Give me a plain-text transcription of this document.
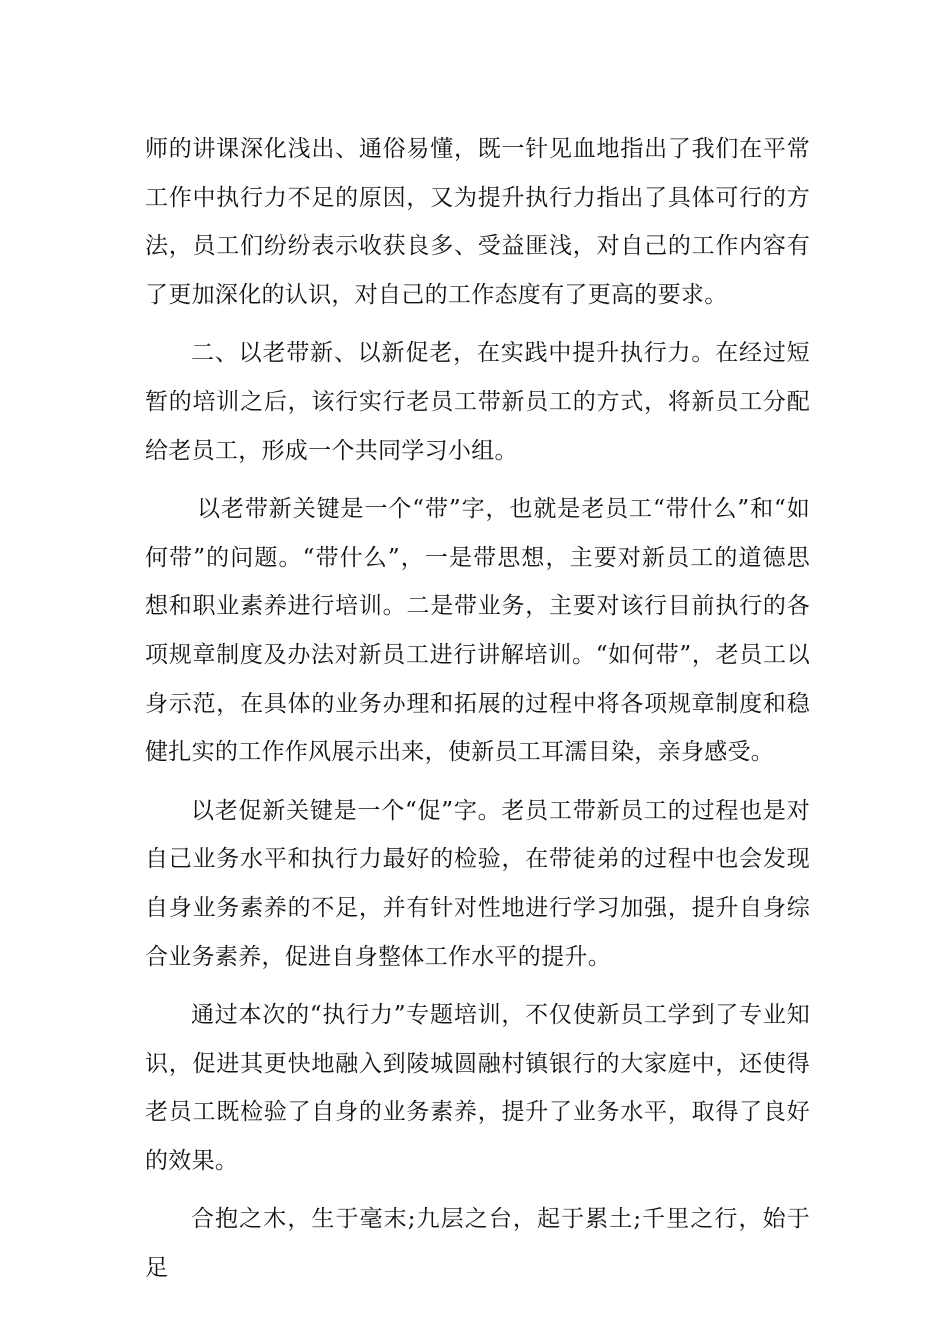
师的讲课深化浅出、通俗易懂，既一针见血地指出了我们在平常工作中执行力不足的原因，又为提升执行力指出了具体可行的方法，员工们纷纷表示收获良多、受益匪浅，对自己的工作内容有了更加深化的认识，对自己的工作态度有了更高的要求。

二、以老带新、以新促老，在实践中提升执行力。在经过短暂的培训之后，该行实行老员工带新员工的方式，将新员工分配给老员工，形成一个共同学习小组。

以老带新关键是一个“带”字，也就是老员工“带什么”和“如何带”的问题。“带什么”，一是带思想，主要对新员工的道德思想和职业素养进行培训。二是带业务，主要对该行目前执行的各项规章制度及办法对新员工进行讲解培训。“如何带”，老员工以身示范，在具体的业务办理和拓展的过程中将各项规章制度和稳健扎实的工作作风展示出来，使新员工耳濡目染，亲身感受。

以老促新关键是一个“促”字。老员工带新员工的过程也是对自己业务水平和执行力最好的检验，在带徒弟的过程中也会发现自身业务素养的不足，并有针对性地进行学习加强，提升自身综合业务素养，促进自身整体工作水平的提升。

通过本次的“执行力”专题培训，不仅使新员工学到了专业知识，促进其更快地融入到陵城圆融村镇银行的大家庭中，还使得老员工既检验了自身的业务素养，提升了业务水平，取得了良好的效果。

合抱之木，生于毫末;九层之台，起于累土;千里之行，始于足
